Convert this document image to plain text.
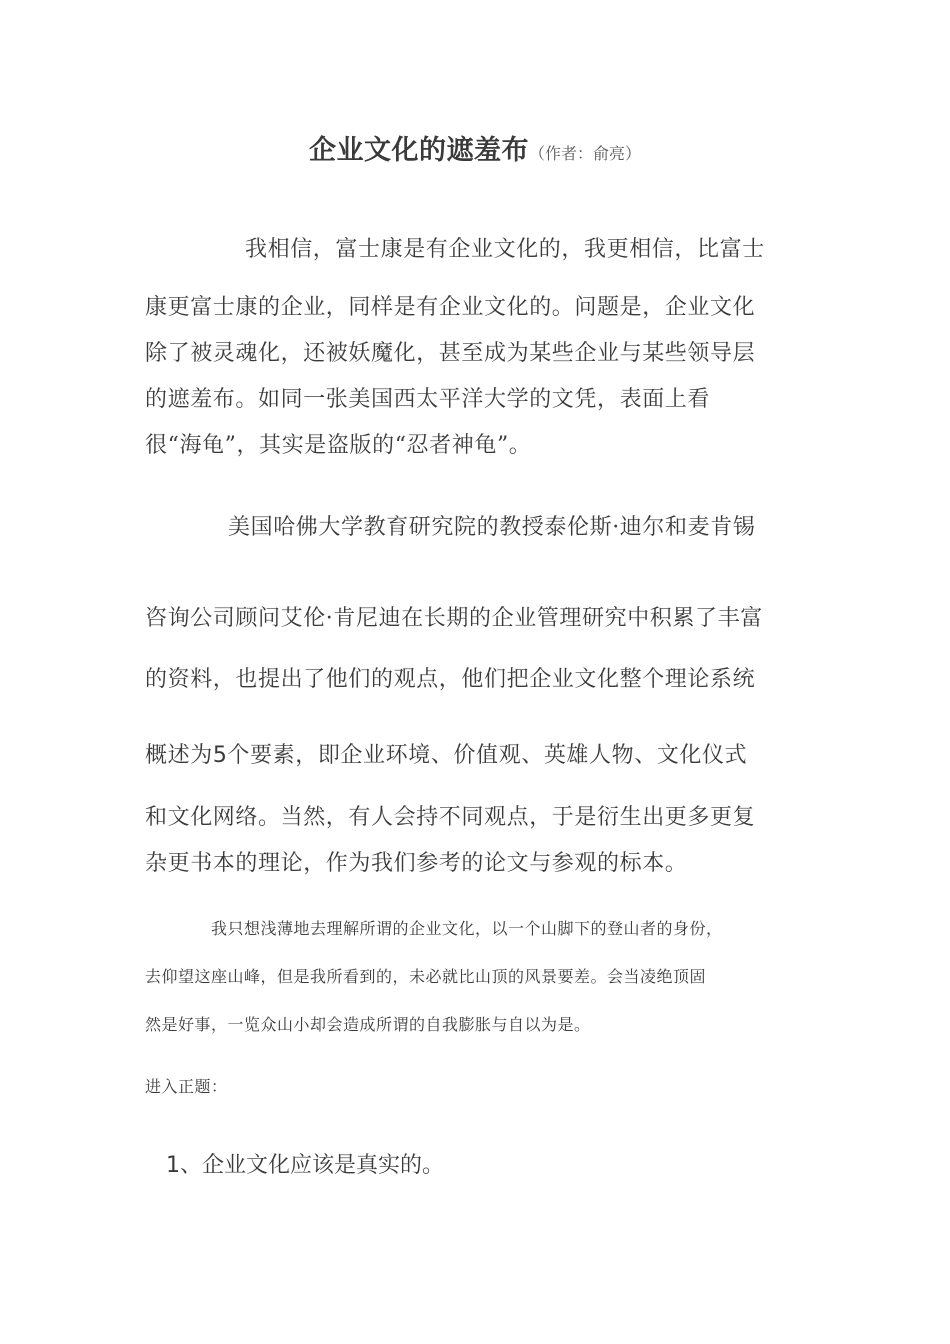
企业文化的遮羞布（作者：俞亮）
我相信，富士康是有企业文化的，我更相信，比富士
康更富士康的企业，同样是有企业文化的。问题是，企业文化
除了被灵魂化，还被妖魔化，甚至成为某些企业与某些领导层
的遮羞布。如同一张美国西太平洋大学的文凭，表面上看
很“海龟”，其实是盗版的“忍者神龟”。
美国哈佛大学教育研究院的教授泰伦斯·迪尔和麦肯锡
咨询公司顾问艾伦·肯尼迪在长期的企业管理研究中积累了丰富
的资料，也提出了他们的观点，他们把企业文化整个理论系统
概述为5个要素，即企业环境、价值观、英雄人物、文化仪式
和文化网络。当然，有人会持不同观点，于是衍生出更多更复
杂更书本的理论，作为我们参考的论文与参观的标本。
我只想浅薄地去理解所谓的企业文化，以一个山脚下的登山者的身份，
去仰望这座山峰，但是我所看到的，未必就比山顶的风景要差。会当凌绝顶固
然是好事，一览众山小却会造成所谓的自我膨胀与自以为是。
进入正题：
1、企业文化应该是真实的。
